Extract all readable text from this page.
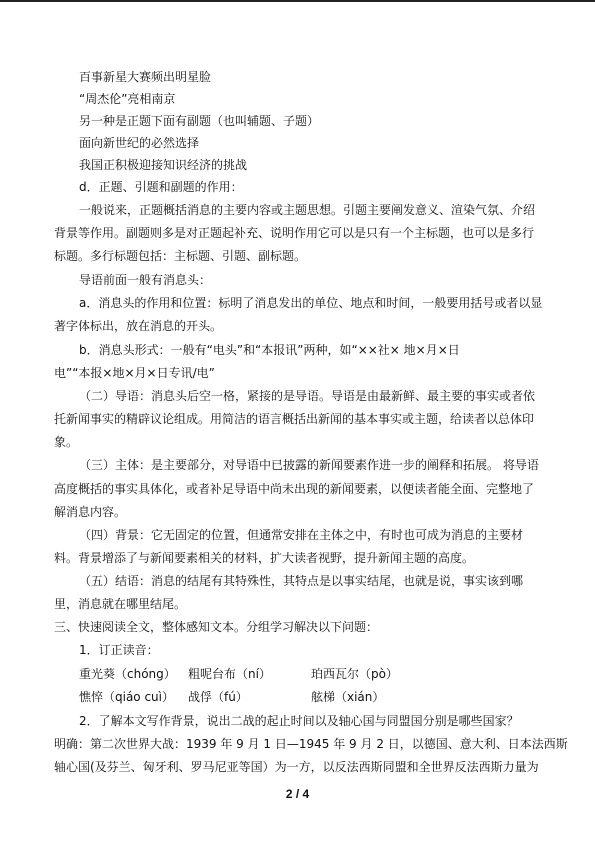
百事新星大赛频出明星脸
“周杰伦”亮相南京
另一种是正题下面有副题（也叫辅题、子题）
面向新世纪的必然选择
我国正积极迎接知识经济的挑战
d．正题、引题和副题的作用：
一般说来，正题概括消息的主要内容或主题思想。引题主要阐发意义、渲染气氛、介绍
背景等作用。副题则多是对正题起补充、说明作用它可以是只有一个主标题，也可以是多行
标题。多行标题包括：主标题、引题、副标题。
导语前面一般有消息头：
a．消息头的作用和位置：标明了消息发出的单位、地点和时间，一般要用括号或者以显
著字体标出，放在消息的开头。
b．消息头形式：一般有“电头”和“本报讯”两种，如“××社× 地×月×日
电”“本报×地×月×日专讯/电”
（二）导语：消息头后空一格，紧接的是导语。导语是由最新鲜、最主要的事实或者依
托新闻事实的精辟议论组成。用简洁的语言概括出新闻的基本事实或主题，给读者以总体印
象。
（三）主体：是主要部分，对导语中已披露的新闻要素作进一步的阐释和拓展。 将导语
高度概括的事实具体化，或者补足导语中尚未出现的新闻要素，以便读者能全面、完整地了
解消息内容。
（四）背景：它无固定的位置，但通常安排在主体之中，有时也可成为消息的主要材
料。背景增添了与新闻要素相关的材料，扩大读者视野，提升新闻主题的高度。
（五）结语：消息的结尾有其特殊性，其特点是以事实结尾，也就是说，事实该到哪
里，消息就在哪里结尾。
三、快速阅读全文，整体感知文本。分组学习解决以下问题：
1．订正读音：
重光葵（chóng） 粗呢台布（ní）	珀西瓦尔（pò）
憔悴（qiáo cuì） 战俘（fú）	舷梯（xián）
2．了解本文写作背景，说出二战的起止时间以及轴心国与同盟国分别是哪些国家？
明确：第二次世界大战：1939 年 9 月 1 日—1945 年 9 月 2 日，以德国、意大利、日本法西斯
轴心国(及芬兰、匈牙利、罗马尼亚等国）为一方，以反法西斯同盟和全世界反法西斯力量为
2 / 4
